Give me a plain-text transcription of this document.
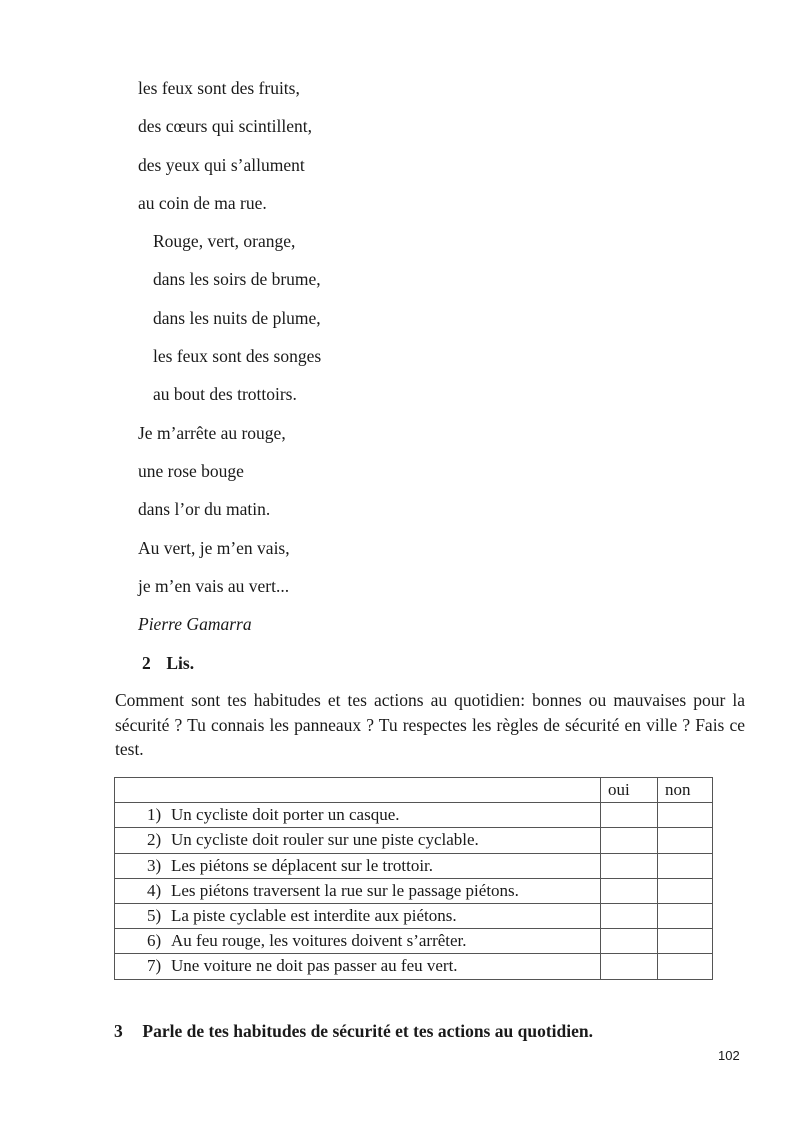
les feux sont des fruits,
des cœurs qui scintillent,
des yeux qui s’allument
au coin de ma rue.
Rouge, vert, orange,
dans les soirs de brume,
dans les nuits de plume,
les feux sont des songes
au bout des trottoirs.
Je m’arrête au rouge,
une rose bouge
dans l’or du matin.
Au vert, je m’en vais,
je m’en vais au vert...
Pierre Gamarra
2 Lis.
Comment sont tes habitudes et tes actions au quotidien: bonnes ou mauvaises pour la sécurité ? Tu connais les panneaux ? Tu respectes les règles de sécurité en ville ? Fais ce test.
	oui	non
1) Un cycliste doit porter un casque.		
2) Un cycliste doit rouler sur une piste cyclable.		
3) Les piétons se déplacent sur le trottoir.		
4) Les piétons traversent la rue sur le passage piétons.		
5) La piste cyclable est interdite aux piétons.		
6) Au feu rouge, les voitures doivent s’arrêter.		
7) Une voiture ne doit pas passer au feu vert.		
3 Parle de tes habitudes de sécurité et tes actions au quotidien.
102
